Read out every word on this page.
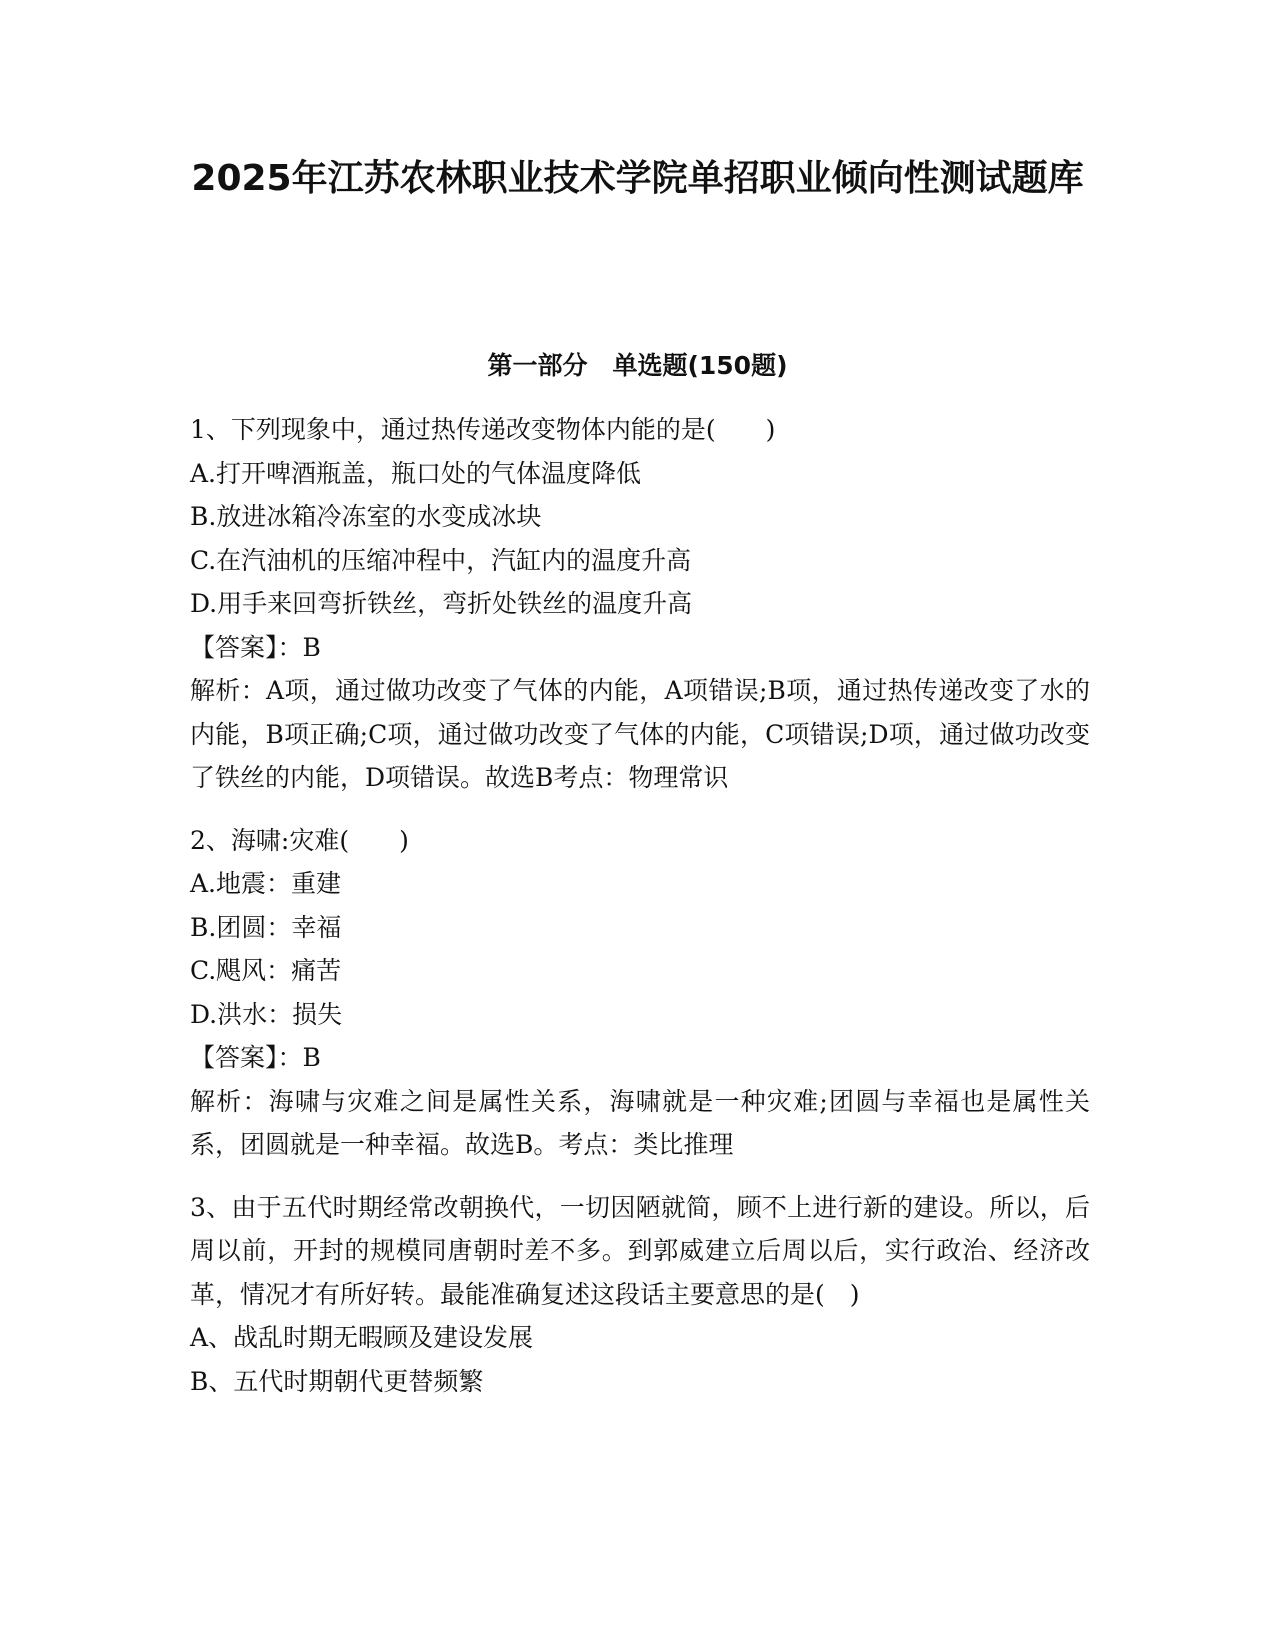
2025年江苏农林职业技术学院单招职业倾向性测试题库
第一部分　单选题(150题)
1、下列现象中，通过热传递改变物体内能的是(　　)
A.打开啤酒瓶盖，瓶口处的气体温度降低
B.放进冰箱冷冻室的水变成冰块
C.在汽油机的压缩冲程中，汽缸内的温度升高
D.用手来回弯折铁丝，弯折处铁丝的温度升高
【答案】：B
解析：A项，通过做功改变了气体的内能，A项错误;B项，通过热传递改变了水的内能，B项正确;C项，通过做功改变了气体的内能，C项错误;D项，通过做功改变了铁丝的内能，D项错误。故选B考点：物理常识
2、海啸:灾难(　　)
A.地震：重建
B.团圆：幸福
C.飓风：痛苦
D.洪水：损失
【答案】：B
解析：海啸与灾难之间是属性关系，海啸就是一种灾难;团圆与幸福也是属性关系，团圆就是一种幸福。故选B。考点：类比推理
3、由于五代时期经常改朝换代，一切因陋就简，顾不上进行新的建设。所以，后周以前，开封的规模同唐朝时差不多。到郭威建立后周以后，实行政治、经济改革，情况才有所好转。最能准确复述这段话主要意思的是(　)
A、战乱时期无暇顾及建设发展
B、五代时期朝代更替频繁
